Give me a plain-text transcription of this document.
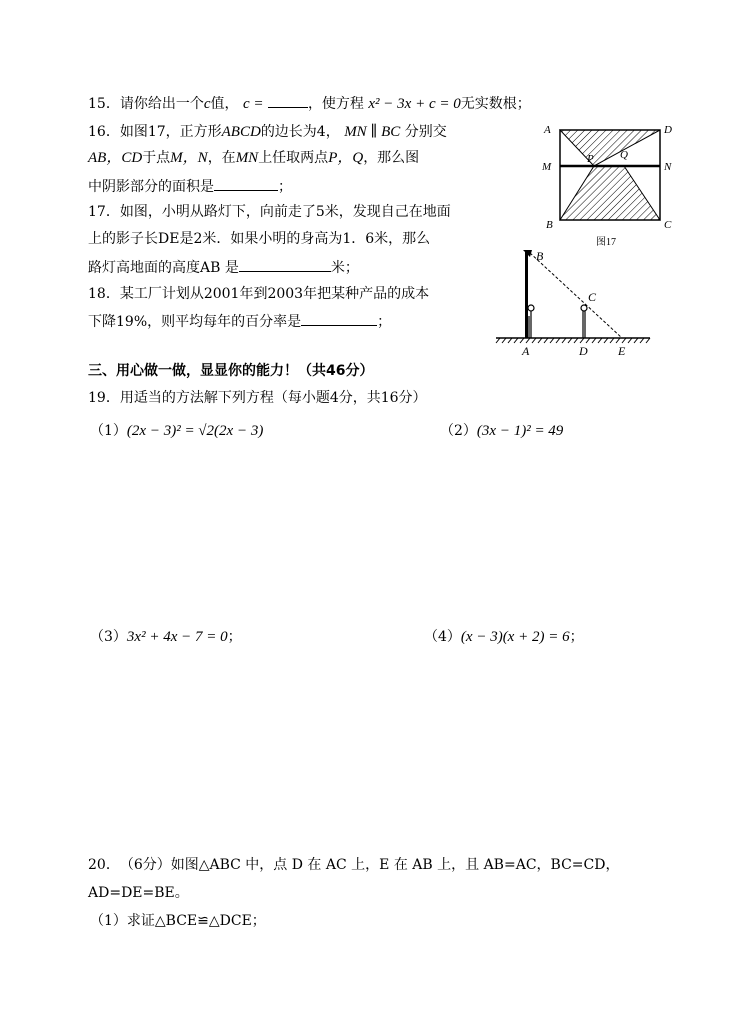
15．请你给出一个c值， c =	，使方程 x² − 3x + c = 0无实数根；
16．如图17，正方形ABCD的边长为4， MN ∥ BC 分别交
AB，CD于点M，N，在MN上任取两点P，Q，那么图
中阴影部分的面积是	；
17．如图，小明从路灯下，向前走了5米，发现自己在地面
上的影子长DE是2米．如果小明的身高为1．6米，那么
路灯高地面的高度AB 是	米；
18．某工厂计划从2001年到2003年把某种产品的成本
下降19%，则平均每年的百分率是	；
三、用心做一做，显显你的能力！（共46分）
19．用适当的方法解下列方程（每小题4分，共16分）
（1）(2x − 3)² = √2(2x − 3)	（2）(3x − 1)² = 49
（3）3x² + 4x − 7 = 0；	（4）(x − 3)(x + 2) = 6；
20．　（6分）如图△ABC 中，点 D 在 AC 上，E 在 AB 上，且 AB=AC，BC=CD，
AD=DE=BE。
（1）求证△BCE≌△DCE；
A	D
M	N
P Q
B	C
图17
B
C
A	D	E
